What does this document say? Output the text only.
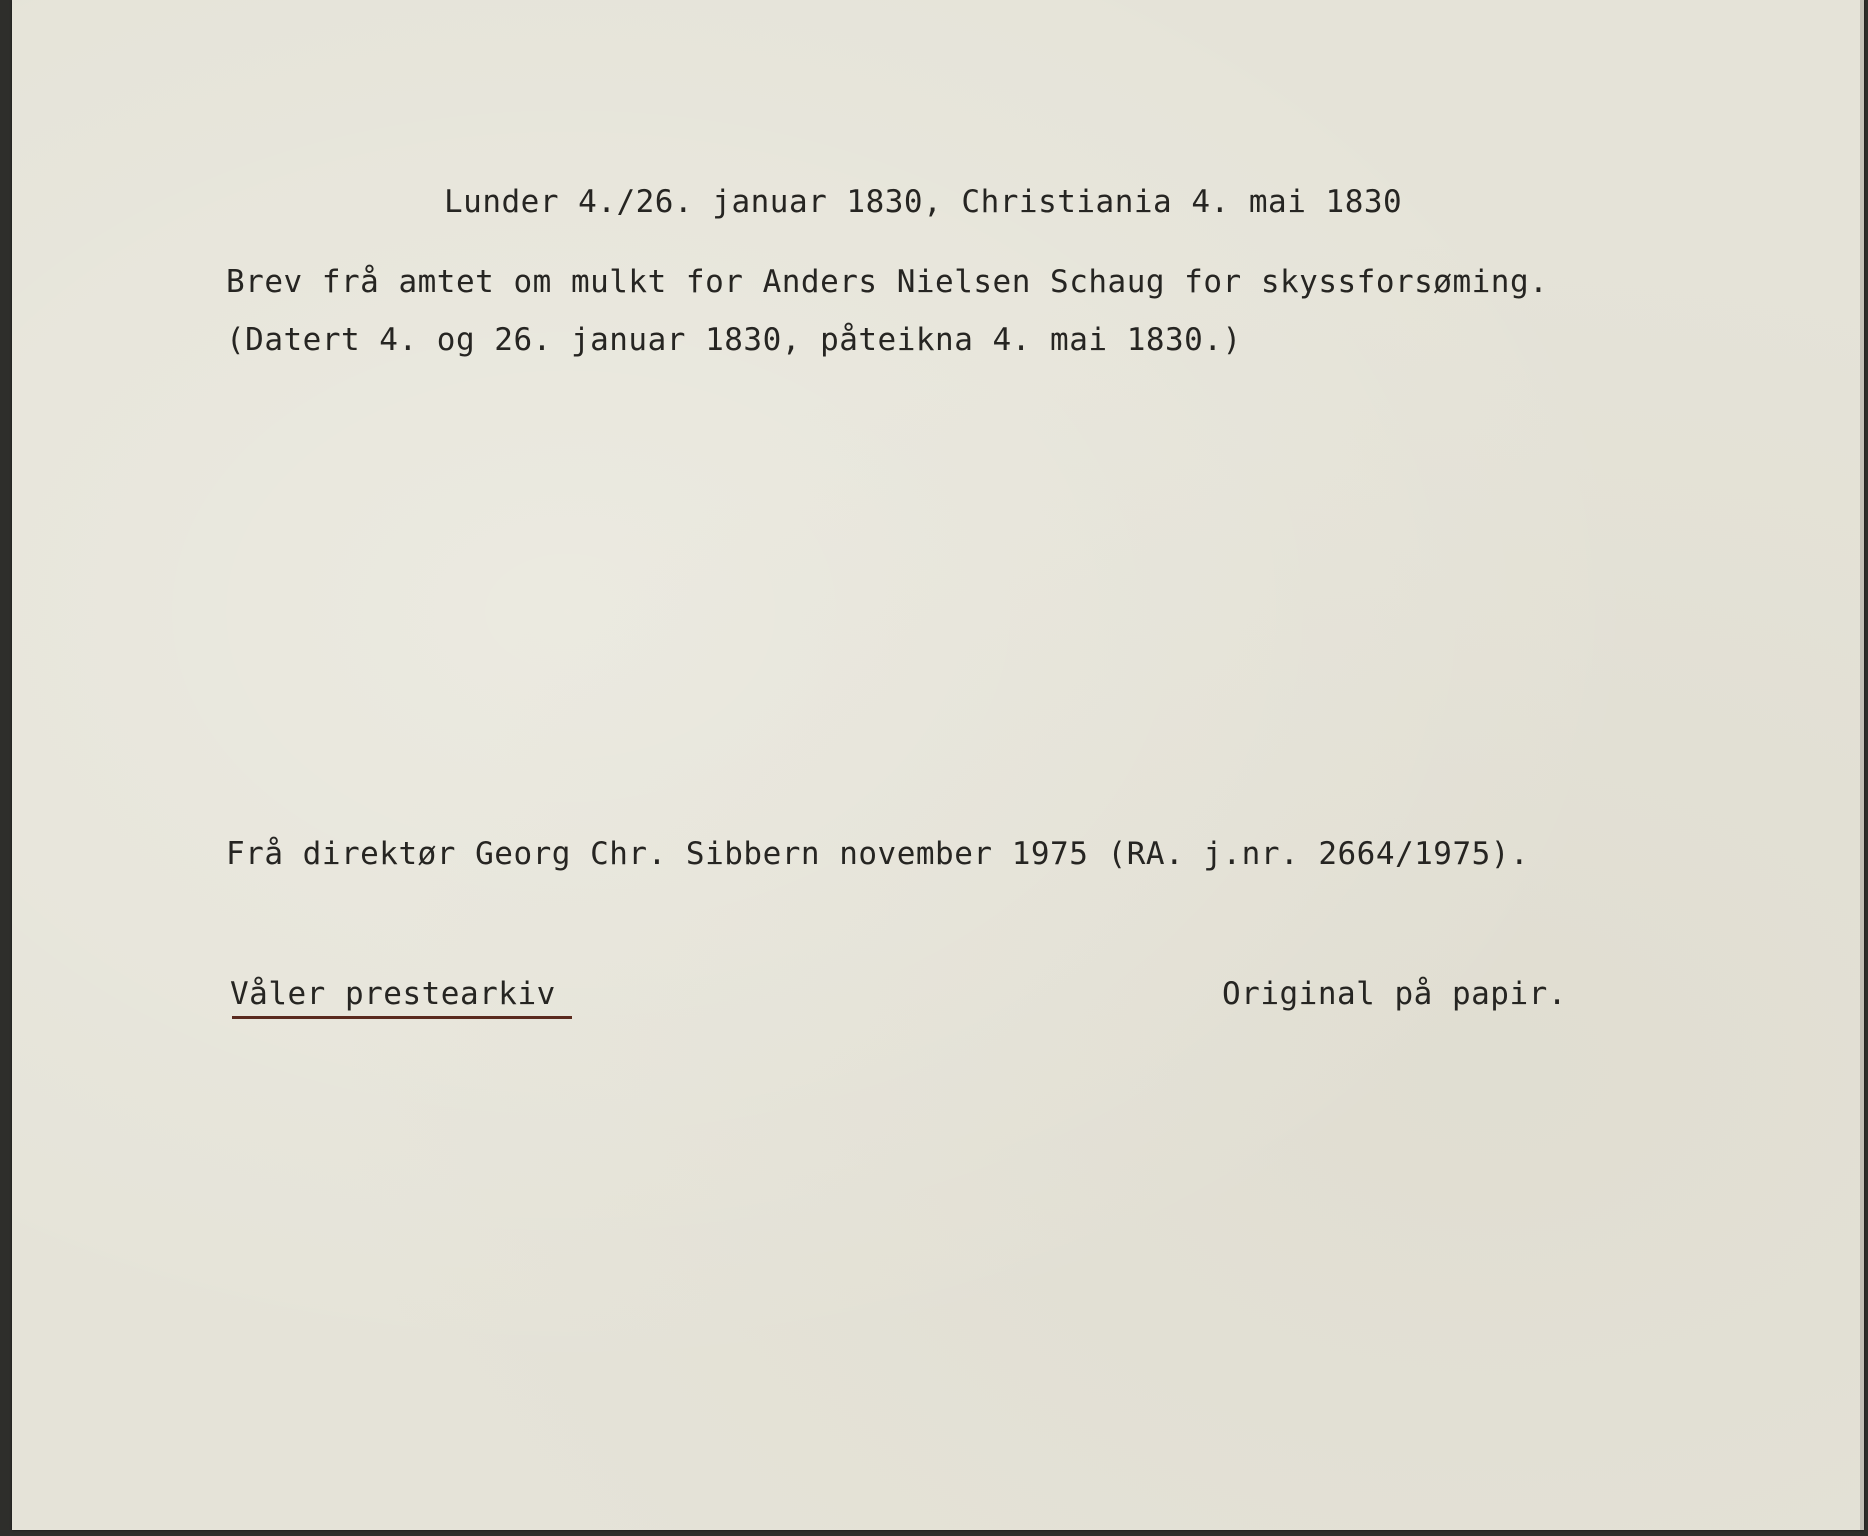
Lunder 4./26. januar 1830, Christiania 4. mai 1830
Brev frå amtet om mulkt for Anders Nielsen Schaug for skyssforsøming.
(Datert 4. og 26. januar 1830, påteikna 4. mai 1830.)
Frå direktør Georg Chr. Sibbern november 1975 (RA. j.nr. 2664/1975).
Våler prestearkiv	Original på papir.
